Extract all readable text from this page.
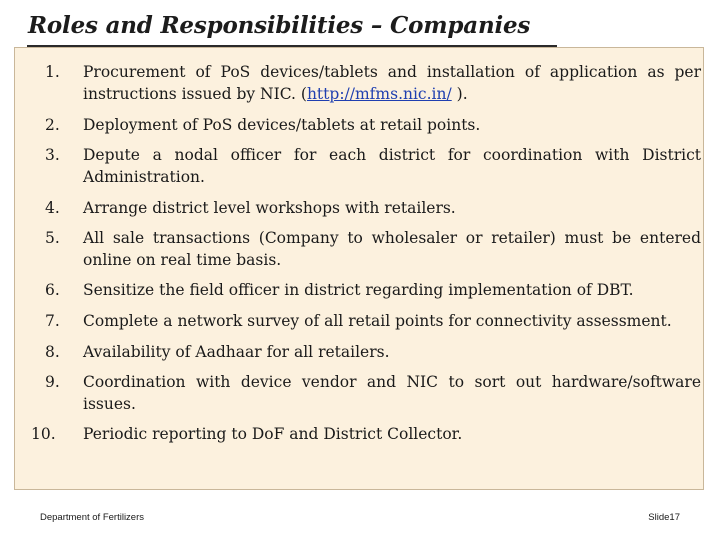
Roles and Responsibilities – Companies
1. Procurement of PoS devices/tablets and installation of application as per instructions issued by NIC. (http://mfms.nic.in/ ).
2. Deployment of PoS devices/tablets at retail points.
3. Depute a nodal officer for each district for coordination with District Administration.
4. Arrange district level workshops with retailers.
5. All sale transactions (Company to wholesaler or retailer) must be entered online on real time basis.
6. Sensitize the field officer in district regarding implementation of DBT.
7. Complete a network survey of all retail points for connectivity assessment.
8. Availability of Aadhaar for all retailers.
9. Coordination with device vendor and NIC to sort out hardware/software issues.
10. Periodic reporting to DoF and District Collector.
Department of Fertilizers	Slide17
